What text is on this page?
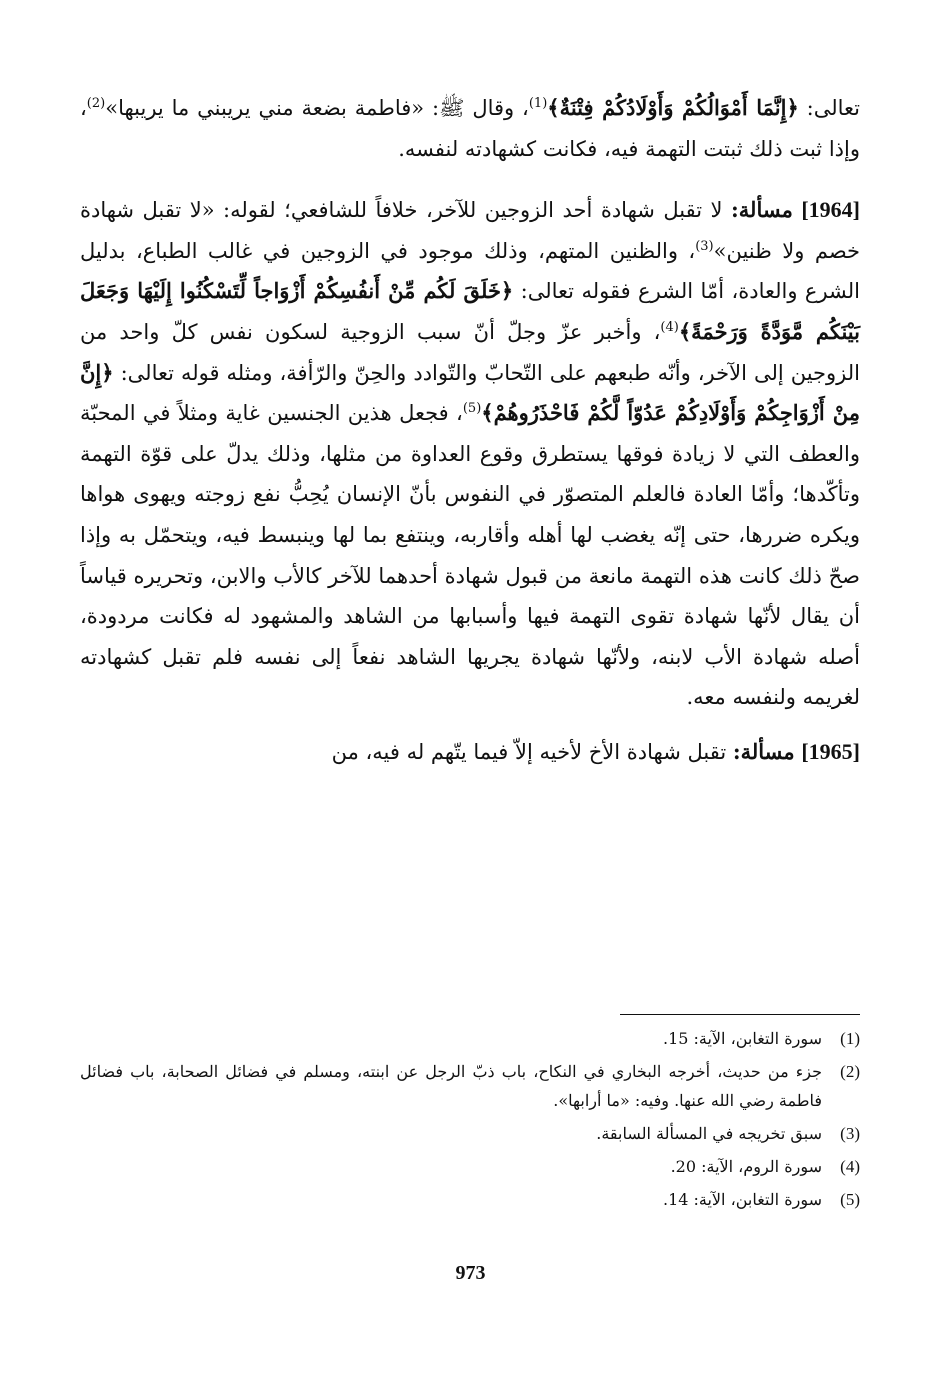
تعالى: ﴿إِنَّمَا أَمْوَالُكُمْ وَأَوْلَادُكُمْ فِتْنَةٌ﴾$^{(1)}$، وقال ﷺ: «فاطمة بضعة مني يريبني ما يريبها»$^{(2)}$، وإذا ثبت ذلك ثبتت التهمة فيه، فكانت كشهادته لنفسه.

[1964] مسألة: لا تقبل شهادة أحد الزوجين للآخر، خلافاً للشافعي؛ لقوله: «لا تقبل شهادة خصم ولا ظنين»$^{(3)}$، والظنين المتهم، وذلك موجود في الزوجين في غالب الطباع، بدليل الشرع والعادة، أمّا الشرع فقوله تعالى: ﴿خَلَقَ لَكُم مِّنْ أَنفُسِكُمْ أَزْوَاجاً لِّتَسْكُنُوا إِلَيْهَا وَجَعَلَ بَيْنَكُم مَّوَدَّةً وَرَحْمَةً﴾$^{(4)}$، وأخبر عزّ وجلّ أنّ سبب الزوجية لسكون نفس كلّ واحد من الزوجين إلى الآخر، وأنّه طبعهم على التّحابّ والتّوادد والحِنّ والرّأفة، ومثله قوله تعالى: ﴿إِنَّ مِنْ أَزْوَاجِكُمْ وَأَوْلَادِكُمْ عَدُوّاً لَّكُمْ فَاحْذَرُوهُمْ﴾$^{(5)}$، فجعل هذين الجنسين غاية ومثلاً في المحبّة والعطف التي لا زيادة فوقها يستطرق وقوع العداوة من مثلها، وذلك يدلّ على قوّة التهمة وتأكّدها؛ وأمّا العادة فالعلم المتصوّر في النفوس بأنّ الإنسان يُحِبُّ نفع زوجته ويهوى هواها ويكره ضررها، حتى إنّه يغضب لها أهله وأقاربه، وينتفع بما لها وينبسط فيه، ويتحمّل به وإذا صحّ ذلك كانت هذه التهمة مانعة من قبول شهادة أحدهما للآخر كالأب والابن، وتحريره قياساً أن يقال لأنّها شهادة تقوى التهمة فيها وأسبابها من الشاهد والمشهود له فكانت مردودة، أصله شهادة الأب لابنه، ولأنّها شهادة يجريها الشاهد نفعاً إلى نفسه فلم تقبل كشهادته لغريمه ولنفسه معه.

[1965] مسألة: تقبل شهادة الأخ لأخيه إلاّ فيما يتّهم له فيه، من

(1)
سورة التغابن، الآية: 15.
(2)
جزء من حديث، أخرجه البخاري في النكاح، باب ذبّ الرجل عن ابنته، ومسلم في فضائل الصحابة، باب فضائل فاطمة رضي الله عنها. وفيه: «ما أرابها».
(3)
سبق تخريجه في المسألة السابقة.
(4)
سورة الروم، الآية: 20.
(5)
سورة التغابن، الآية: 14.
973
